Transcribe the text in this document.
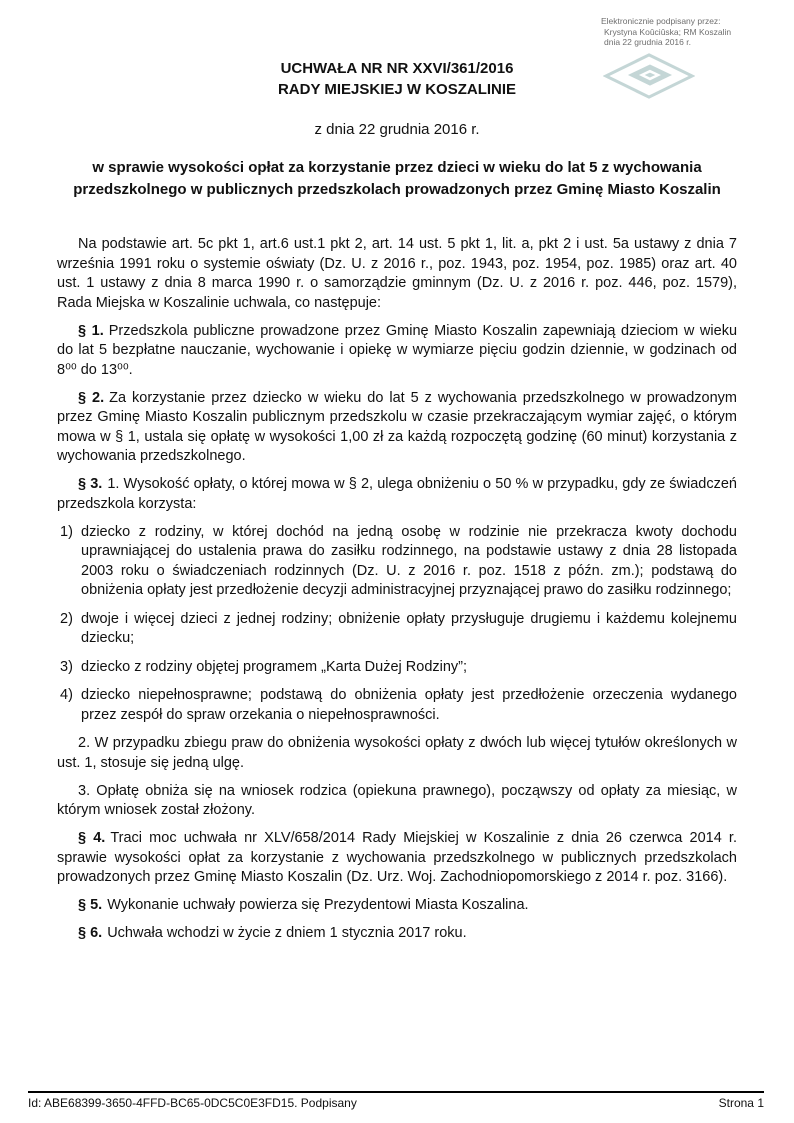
Elektronicznie podpisany przez:
Krystyna Koûciûska; RM Koszalin
dnia 22 grudnia 2016 r.
UCHWAŁA NR NR XXVI/361/2016
RADY MIEJSKIEJ W KOSZALINIE
z dnia 22 grudnia 2016 r.
w sprawie wysokości opłat za korzystanie przez dzieci w wieku do lat 5 z wychowania przedszkolnego w publicznych przedszkolach prowadzonych przez Gminę Miasto Koszalin

Na podstawie art. 5c pkt 1, art.6 ust.1 pkt 2, art. 14 ust. 5 pkt 1, lit. a, pkt 2 i ust. 5a ustawy z dnia 7 września 1991 roku o systemie oświaty (Dz. U. z 2016 r., poz. 1943, poz. 1954, poz. 1985) oraz art. 40 ust. 1 ustawy z dnia 8 marca 1990 r. o samorządzie gminnym (Dz. U. z 2016 r. poz. 446, poz. 1579), Rada Miejska w Koszalinie uchwala, co następuje:

§ 1. Przedszkola publiczne prowadzone przez Gminę Miasto Koszalin zapewniają dzieciom w wieku do lat 5 bezpłatne nauczanie, wychowanie i opiekę w wymiarze pięciu godzin dziennie, w godzinach od 8⁰⁰ do 13⁰⁰.

§ 2. Za korzystanie przez dziecko w wieku do lat 5 z wychowania przedszkolnego w prowadzonym przez Gminę Miasto Koszalin publicznym przedszkolu w czasie przekraczającym wymiar zajęć, o którym mowa w § 1, ustala się opłatę w wysokości 1,00 zł za każdą rozpoczętą godzinę (60 minut) korzystania z wychowania przedszkolnego.

§ 3. 1. Wysokość opłaty, o której mowa w § 2, ulega obniżeniu o 50 % w przypadku, gdy ze świadczeń przedszkola korzysta:

1) dziecko z rodziny, w której dochód na jedną osobę w rodzinie nie przekracza kwoty dochodu uprawniającej do ustalenia prawa do zasiłku rodzinnego, na podstawie ustawy z dnia 28 listopada 2003 roku o świadczeniach rodzinnych (Dz. U. z 2016 r. poz. 1518 z późn. zm.); podstawą do obniżenia opłaty jest przedłożenie decyzji administracyjnej przyznającej prawo do zasiłku rodzinnego;
2) dwoje i więcej dzieci z jednej rodziny; obniżenie opłaty przysługuje drugiemu i każdemu kolejnemu dziecku;
3) dziecko z rodziny objętej programem „Karta Dużej Rodziny”;
4) dziecko niepełnosprawne; podstawą do obniżenia opłaty jest przedłożenie orzeczenia wydanego przez zespół do spraw orzekania o niepełnosprawności.

2. W przypadku zbiegu praw do obniżenia wysokości opłaty z dwóch lub więcej tytułów określonych w ust. 1, stosuje się jedną ulgę.

3. Opłatę obniża się na wniosek rodzica (opiekuna prawnego), począwszy od opłaty za miesiąc, w którym wniosek został złożony.

§ 4. Traci moc uchwała nr XLV/658/2014 Rady Miejskiej w Koszalinie z dnia 26 czerwca 2014 r. sprawie wysokości opłat za korzystanie z wychowania przedszkolnego w publicznych przedszkolach prowadzonych przez Gminę Miasto Koszalin (Dz. Urz. Woj. Zachodniopomorskiego z 2014 r. poz. 3166).

§ 5. Wykonanie uchwały powierza się Prezydentowi Miasta Koszalina.

§ 6. Uchwała wchodzi w życie z dniem 1 stycznia 2017 roku.

Id: ABE68399-3650-4FFD-BC65-0DC5C0E3FD15. Podpisany	Strona 1
